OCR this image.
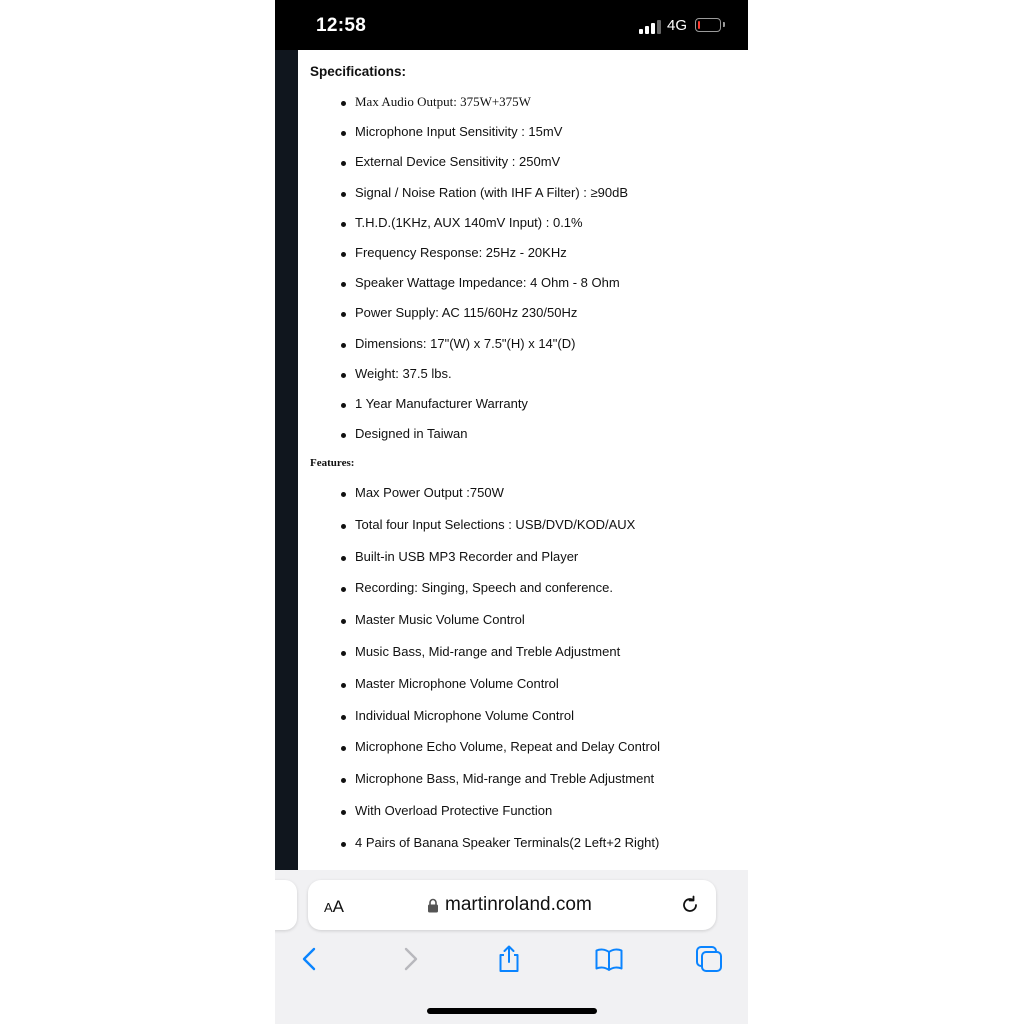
12:58	4G
Specifications:
Max Audio Output: 375W+375W
Microphone Input Sensitivity : 15mV
External Device Sensitivity : 250mV
Signal / Noise Ration (with IHF A Filter) : ≥90dB
T.H.D.(1KHz, AUX 140mV Input) : 0.1%
Frequency Response: 25Hz - 20KHz
Speaker Wattage Impedance: 4 Ohm - 8 Ohm
Power Supply: AC 115/60Hz 230/50Hz
Dimensions: 17"(W) x 7.5"(H) x 14"(D)
Weight: 37.5 lbs.
1 Year Manufacturer Warranty
Designed in Taiwan
Features:
Max Power Output :750W
Total four Input Selections : USB/DVD/KOD/AUX
Built-in USB MP3 Recorder and Player
Recording: Singing, Speech and conference.
Master Music Volume Control
Music Bass, Mid-range and Treble Adjustment
Master Microphone Volume Control
Individual Microphone Volume Control
Microphone Echo Volume, Repeat and Delay Control
Microphone Bass, Mid-range and Treble Adjustment
With Overload Protective Function
4 Pairs of Banana Speaker Terminals(2 Left+2 Right)
AA	martinroland.com
